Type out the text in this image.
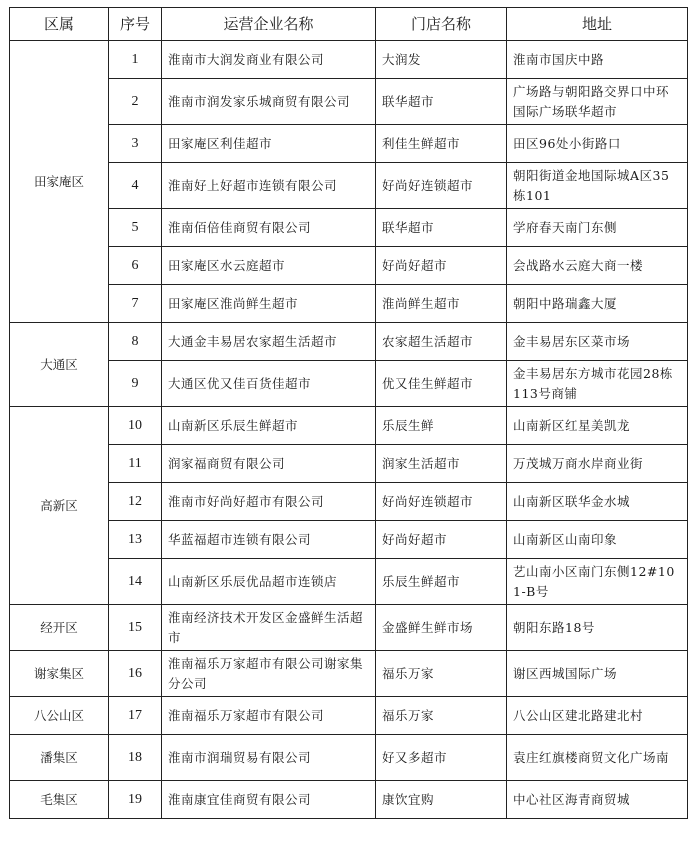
区属	序号	运营企业名称	门店名称	地址
田家庵区	1	淮南市大润发商业有限公司	大润发	淮南市国庆中路
	2	淮南市润发家乐城商贸有限公司	联华超市	广场路与朝阳路交界口中环国际广场联华超市
	3	田家庵区利佳超市	利佳生鲜超市	田区96处小街路口
	4	淮南好上好超市连锁有限公司	好尚好连锁超市	朝阳街道金地国际城A区35栋101
	5	淮南佰倍佳商贸有限公司	联华超市	学府春天南门东侧
	6	田家庵区水云庭超市	好尚好超市	会战路水云庭大商一楼
	7	田家庵区淮尚鲜生超市	淮尚鲜生超市	朝阳中路瑞鑫大厦
大通区	8	大通金丰易居农家超生活超市	农家超生活超市	金丰易居东区菜市场
	9	大通区优又佳百货佳超市	优又佳生鲜超市	金丰易居东方城市花园28栋113号商铺
高新区	10	山南新区乐辰生鲜超市	乐辰生鲜	山南新区红星美凯龙
	11	润家福商贸有限公司	润家生活超市	万茂城万商水岸商业街
	12	淮南市好尚好超市有限公司	好尚好连锁超市	山南新区联华金水城
	13	华蓝福超市连锁有限公司	好尚好超市	山南新区山南印象
	14	山南新区乐辰优品超市连锁店	乐辰生鲜超市	艺山南小区南门东侧12#101-B号
经开区	15	淮南经济技术开发区金盛鲜生活超市	金盛鲜生鲜市场	朝阳东路18号
谢家集区	16	淮南福乐万家超市有限公司谢家集分公司	福乐万家	谢区西城国际广场
八公山区	17	淮南福乐万家超市有限公司	福乐万家	八公山区建北路建北村
潘集区	18	淮南市润瑞贸易有限公司	好又多超市	袁庄红旗楼商贸文化广场南
毛集区	19	淮南康宜佳商贸有限公司	康饮宜购	中心社区海青商贸城
